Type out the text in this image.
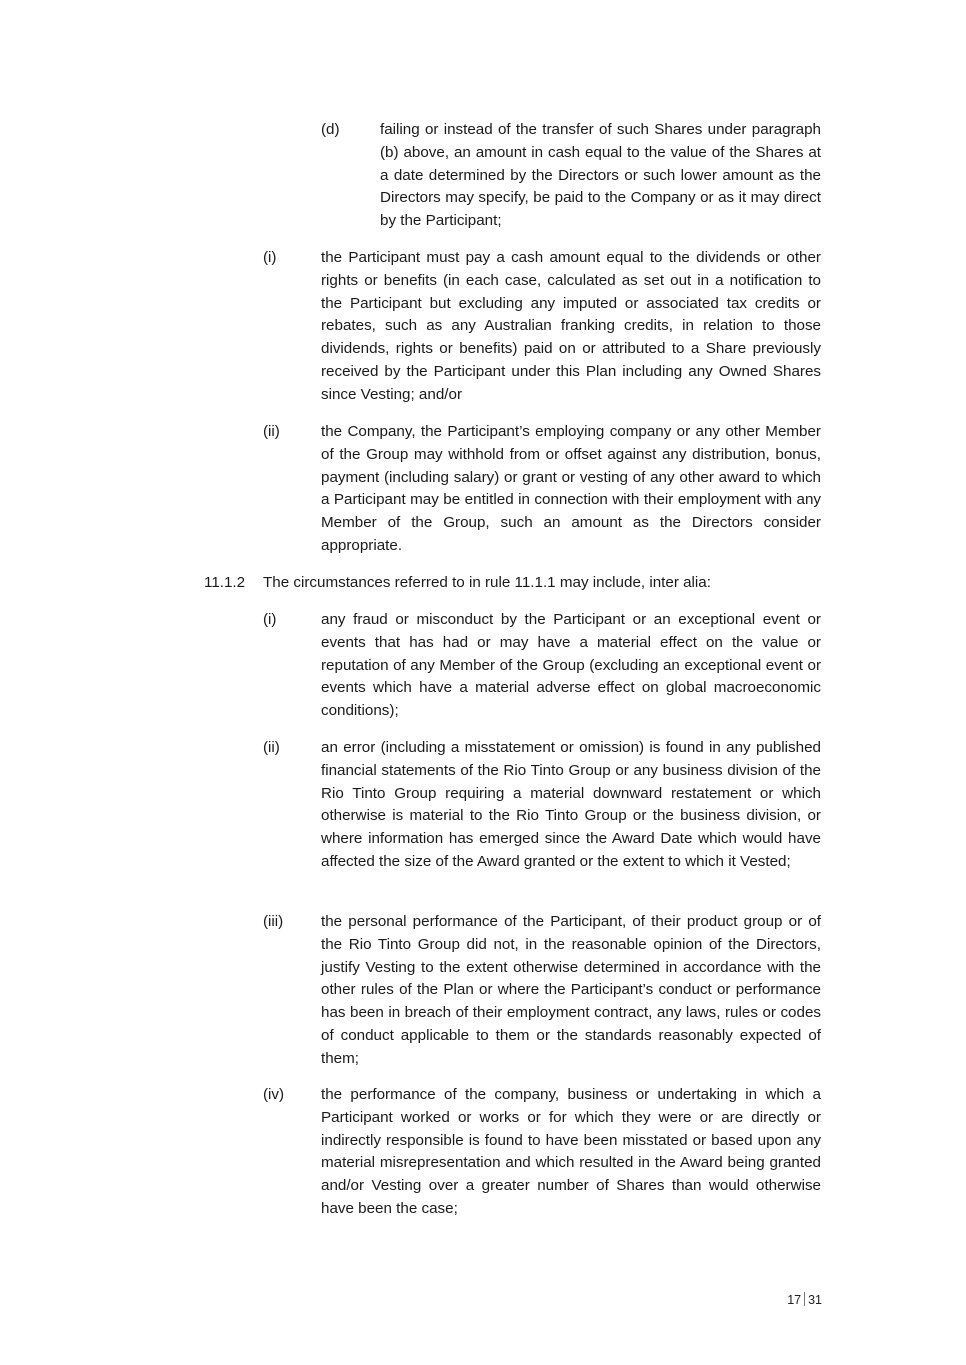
(d)	failing or instead of the transfer of such Shares under paragraph (b) above, an amount in cash equal to the value of the Shares at a date determined by the Directors or such lower amount as the Directors may specify, be paid to the Company or as it may direct by the Participant;
(i)	the Participant must pay a cash amount equal to the dividends or other rights or benefits (in each case, calculated as set out in a notification to the Participant but excluding any imputed or associated tax credits or rebates, such as any Australian franking credits, in relation to those dividends, rights or benefits) paid on or attributed to a Share previously received by the Participant under this Plan including any Owned Shares since Vesting; and/or
(ii)	the Company, the Participant’s employing company or any other Member of the Group may withhold from or offset against any distribution, bonus, payment (including salary) or grant or vesting of any other award to which a Participant may be entitled in connection with their employment with any Member of the Group, such an amount as the Directors consider appropriate.
11.1.2 The circumstances referred to in rule 11.1.1 may include, inter alia:
(i)	any fraud or misconduct by the Participant or an exceptional event or events that has had or may have a material effect on the value or reputation of any Member of the Group (excluding an exceptional event or events which have a material adverse effect on global macroeconomic conditions);
(ii)	an error (including a misstatement or omission) is found in any published financial statements of the Rio Tinto Group or any business division of the Rio Tinto Group requiring a material downward restatement or which otherwise is material to the Rio Tinto Group or the business division, or where information has emerged since the Award Date which would have affected the size of the Award granted or the extent to which it Vested;
(iii) the personal performance of the Participant, of their product group or of the Rio Tinto Group did not, in the reasonable opinion of the Directors, justify Vesting to the extent otherwise determined in accordance with the other rules of the Plan or where the Participant’s conduct or performance has been in breach of their employment contract, any laws, rules or codes of conduct applicable to them or the standards reasonably expected of them;
(iv) the performance of the company, business or undertaking in which a Participant worked or works or for which they were or are directly or indirectly responsible is found to have been misstated or based upon any material misrepresentation and which resulted in the Award being granted and/or Vesting over a greater number of Shares than would otherwise have been the case;
17 31
